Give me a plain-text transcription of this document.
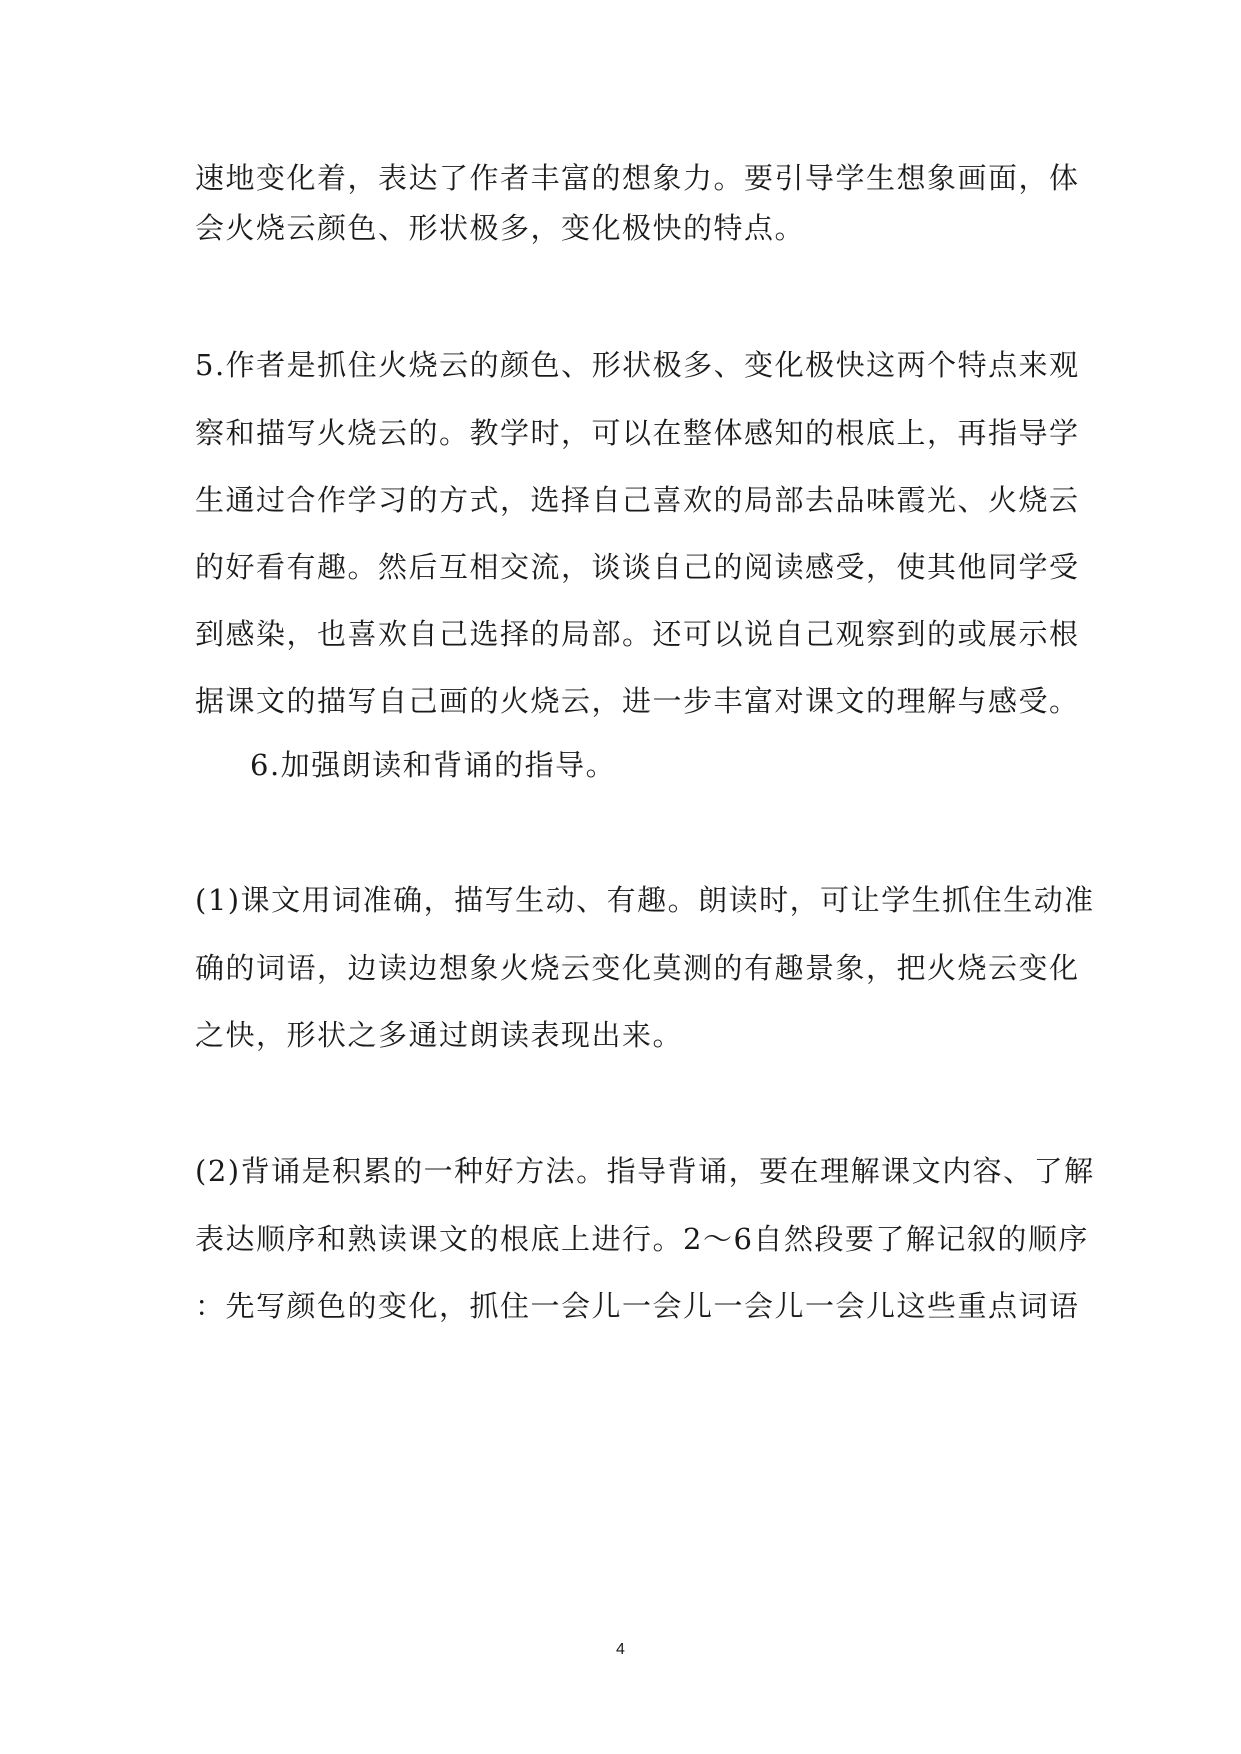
速地变化着，表达了作者丰富的想象力。要引导学生想象画面，体
会火烧云颜色、形状极多，变化极快的特点。
5.作者是抓住火烧云的颜色、形状极多、变化极快这两个特点来观
察和描写火烧云的。教学时，可以在整体感知的根底上，再指导学
生通过合作学习的方式，选择自己喜欢的局部去品味霞光、火烧云
的好看有趣。然后互相交流，谈谈自己的阅读感受，使其他同学受
到感染，也喜欢自己选择的局部。还可以说自己观察到的或展示根
据课文的描写自己画的火烧云，进一步丰富对课文的理解与感受。
6.加强朗读和背诵的指导。
(1)课文用词准确，描写生动、有趣。朗读时，可让学生抓住生动准
确的词语，边读边想象火烧云变化莫测的有趣景象，把火烧云变化
之快，形状之多通过朗读表现出来。
(2)背诵是积累的一种好方法。指导背诵，要在理解课文内容、了解
表达顺序和熟读课文的根底上进行。2～6自然段要了解记叙的顺序
：先写颜色的变化，抓住一会儿一会儿一会儿一会儿这些重点词语
4
